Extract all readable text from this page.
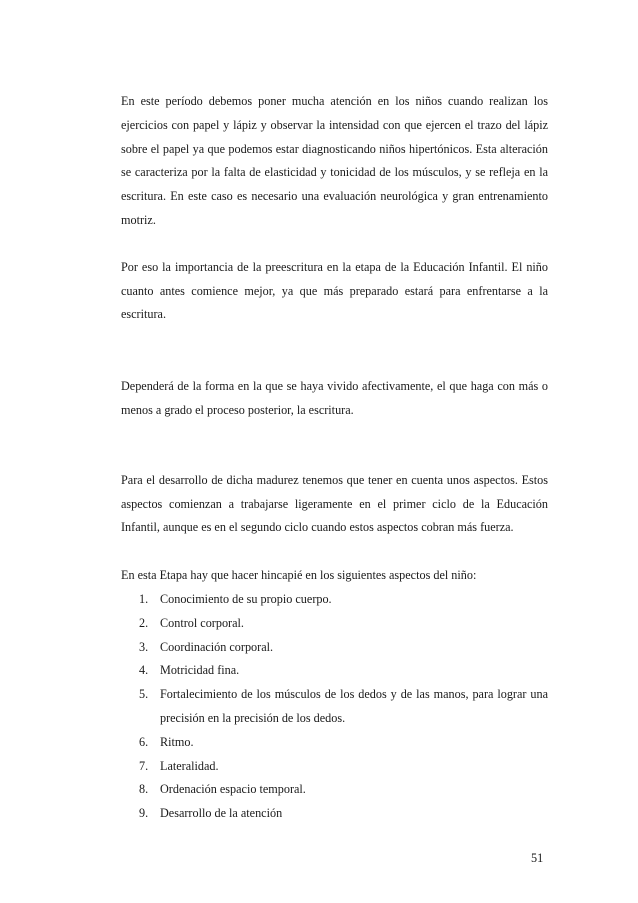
En este período debemos poner mucha atención en los niños cuando realizan los ejercicios con papel y lápiz y observar la intensidad con que ejercen el trazo del lápiz sobre el papel ya que podemos estar diagnosticando niños hipertónicos. Esta alteración se caracteriza por la falta de elasticidad y tonicidad de los músculos, y se refleja en la escritura. En este caso es necesario una evaluación neurológica y gran entrenamiento motriz.

Por eso la importancia de la preescritura en la etapa de la Educación Infantil. El niño cuanto antes comience mejor, ya que más preparado estará para enfrentarse a la escritura.

Dependerá de la forma en la que se haya vivido afectivamente, el que haga con más o menos a grado el proceso posterior, la escritura.

Para el desarrollo de dicha madurez tenemos que tener en cuenta unos aspectos. Estos aspectos comienzan a trabajarse ligeramente en el primer ciclo de la Educación Infantil, aunque es en el segundo ciclo cuando estos aspectos cobran más fuerza.

En esta Etapa hay que hacer hincapié en los siguientes aspectos del niño:

1. Conocimiento de su propio cuerpo.
2. Control corporal.
3. Coordinación corporal.
4. Motricidad fina.
5. Fortalecimiento de los músculos de los dedos y de las manos, para lograr una precisión en la precisión de los dedos.
6. Ritmo.
7. Lateralidad.
8. Ordenación espacio temporal.
9. Desarrollo de la atención
51
